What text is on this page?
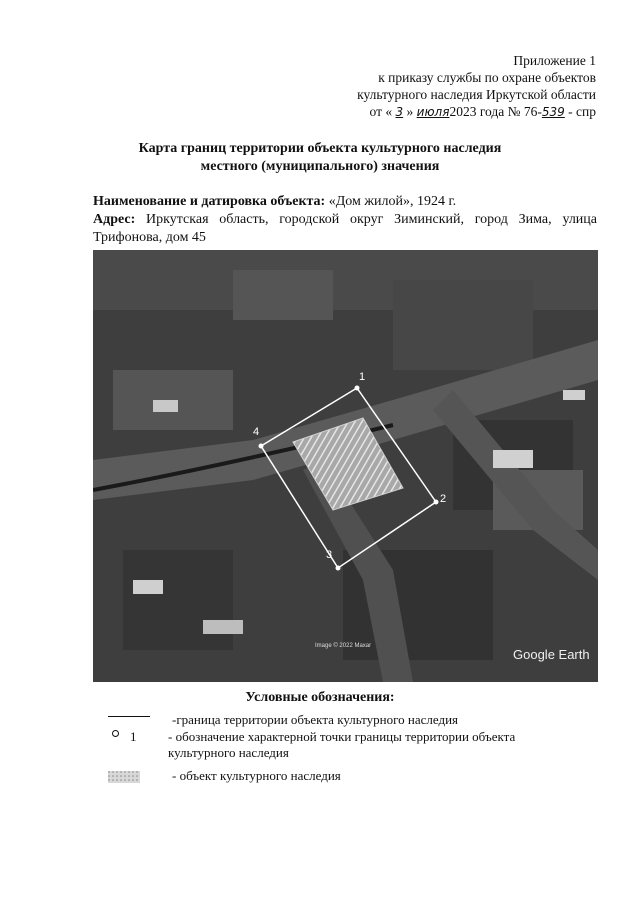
Приложение 1
к приказу службы по охране объектов
культурного наследия Иркутской области
от « 3 » июля2023 года № 76-539 - спр
Карта границ территории объекта культурного наследия
местного (муниципального) значения
Наименование и датировка объекта: «Дом жилой», 1924 г.
Адрес: Иркутская область, городской округ Зиминский, город Зима, улица Трифонова, дом 45
1
2
3
4
Image © 2022 Maxar
Google Earth
Условные обозначения:
-граница территории объекта культурного наследия
1 - обозначение характерной точки границы территории объекта культурного наследия
- объект культурного наследия
